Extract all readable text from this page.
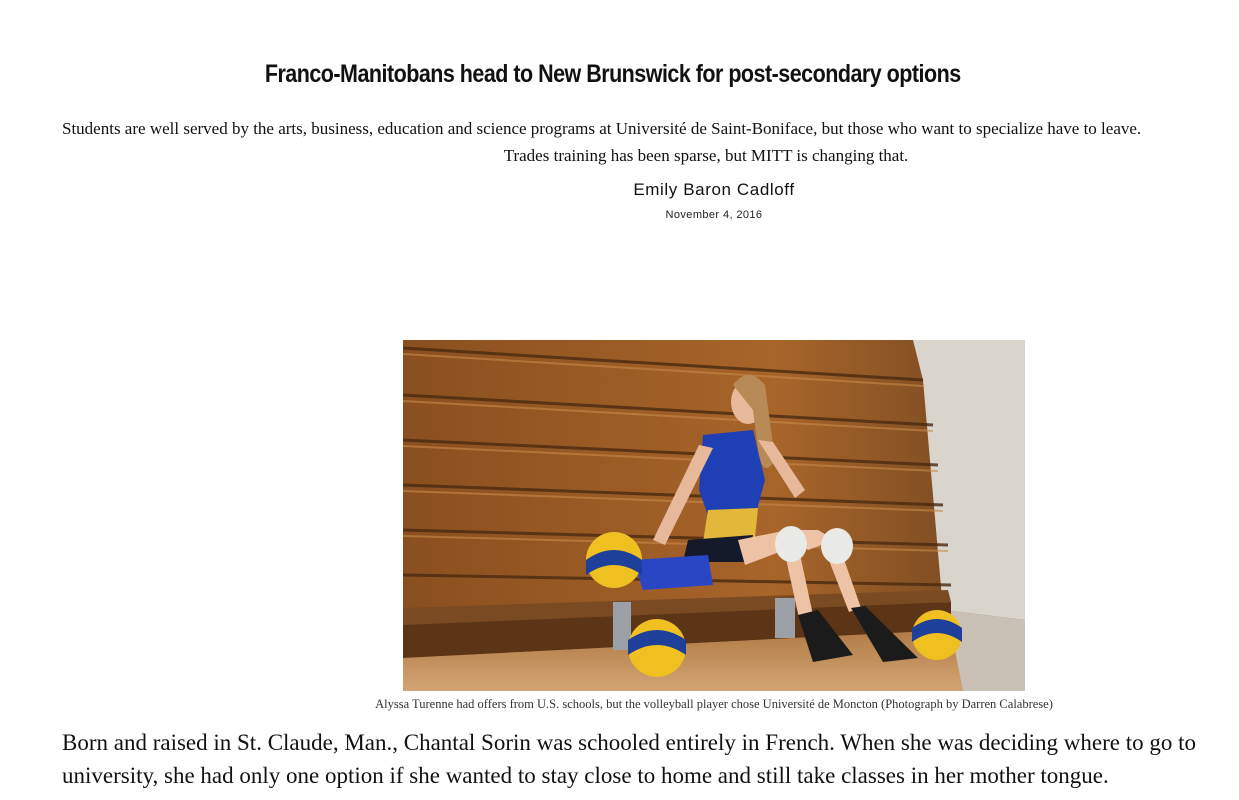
Franco-Manitobans head to New Brunswick for post-secondary options

Students are well served by the arts, business, education and science programs at Université de Saint-Boniface, but those who want to specialize have to leave.

Trades training has been sparse, but MITT is changing that.

Emily Baron Cadloff
November 4, 2016
Alyssa Turenne had offers from U.S. schools, but the volleyball player chose Université de Moncton (Photograph by Darren Calabrese)

Born and raised in St. Claude, Man., Chantal Sorin was schooled entirely in French. When she was deciding where to go to
university, she had only one option if she wanted to stay close to home and still take classes in her mother tongue.
